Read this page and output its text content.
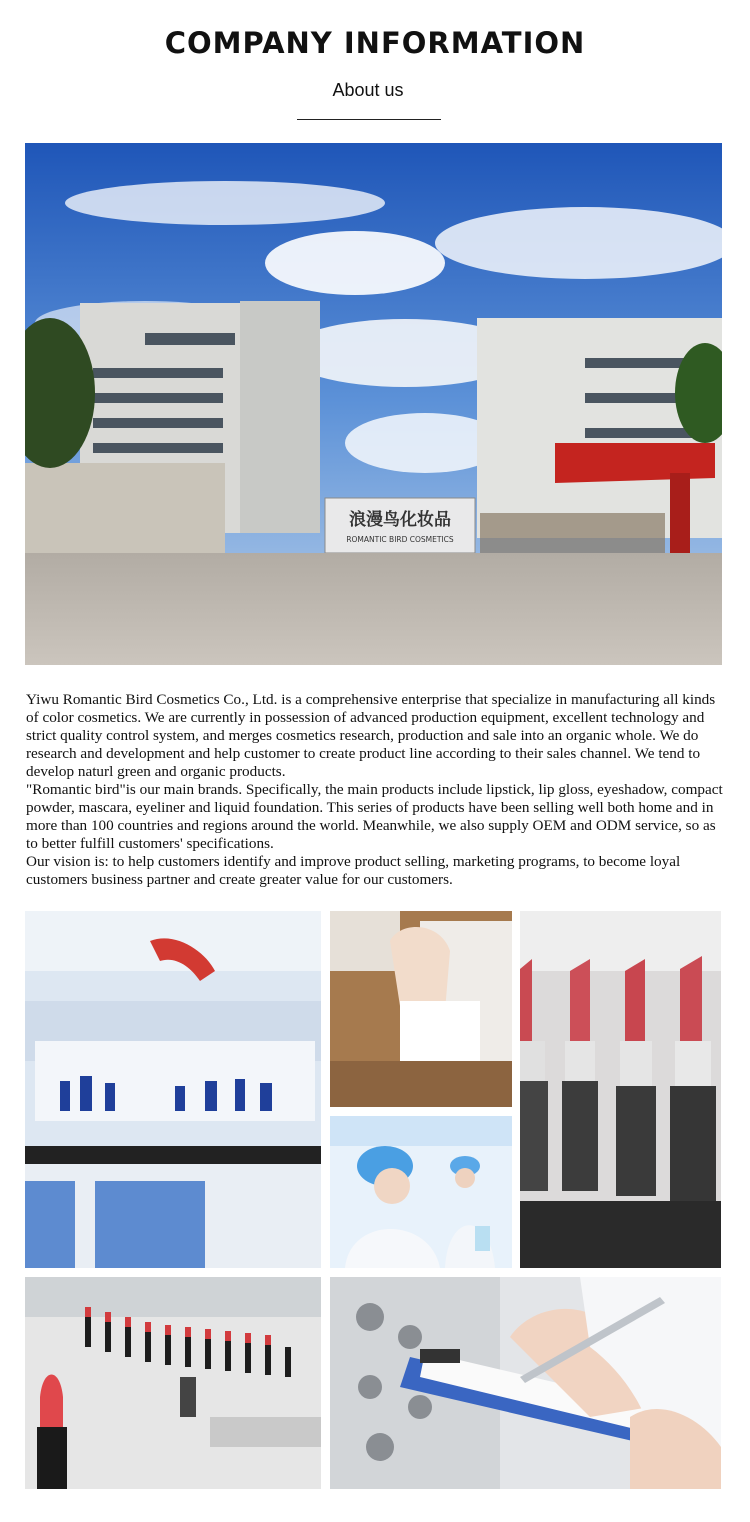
COMPANY INFORMATION
About us
浪漫鸟化妆品
ROMANTIC BIRD COSMETICS

Yiwu Romantic Bird Cosmetics Co., Ltd. is a comprehensive enterprise that specialize in manufacturing all kinds of color cosmetics. We are currently in possession of advanced production equipment, excellent technology and strict quality control system, and merges cosmetics research, production and sale into an organic whole. We do research and development and help customer to create product line according to their sales channel. We tend to develop naturl green and organic products.

"Romantic bird"is our main brands. Specifically, the main products include lipstick, lip gloss, eyeshadow, compact powder, mascara, eyeliner and liquid foundation. This series of products have been selling well both home and in more than 100 countries and regions around the world. Meanwhile, we also supply OEM and ODM service, so as to better fulfill customers' specifications.

Our vision is: to help customers identify and improve product selling, marketing programs, to become loyal customers business partner and create greater value for our customers.
